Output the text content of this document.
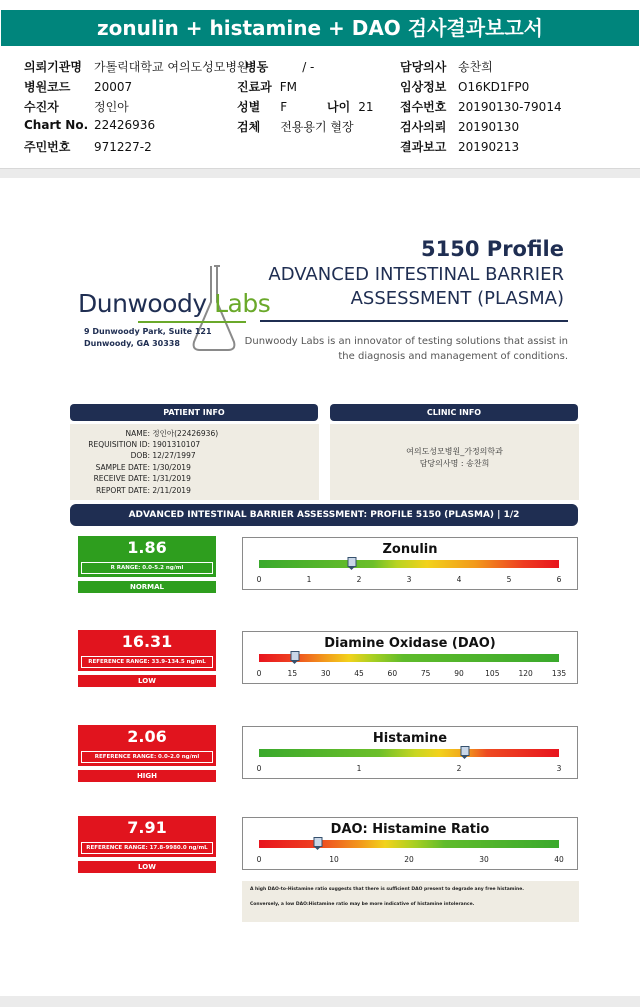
zonulin + histamine + DAO 검사결과보고서
의뢰기관명 가톨릭대학교 여의도성모병원
병원코드 20007
수진자	정인아
Chart No. 22426936
주민번호 971227-2
병동	/ -
진료과 FM
성별 F	나이 21
검체 전용용기 혈장
담당의사 송찬희
임상정보 O16KD1FP0
접수번호 20190130-79014
검사의뢰 20190130
결과보고 20190213
5150 Profile
ADVANCED INTESTINAL BARRIER
ASSESSMENT (PLASMA)
Dunwoody Labs is an innovator of testing solutions that assist in
the diagnosis and management of conditions.
Dunwoody Labs
9 Dunwoody Park, Suite 121
Dunwoody, GA 30338
PATIENT INFO	CLINIC INFO
NAME: 정인아(22426936)
REQUISITION ID: 1901310107
DOB: 12/27/1997
SAMPLE DATE: 1/30/2019
RECEIVE DATE: 1/31/2019
REPORT DATE: 2/11/2019
여의도성모병원_가정의학과
담당의사명 : 송찬희
ADVANCED INTESTINAL BARRIER ASSESSMENT: PROFILE 5150 (PLASMA) | 1/2
1.86
R RANGE: 0.0-5.2 ng/ml
NORMAL
Zonulin
0	1	2	3	4	5	6
16.31
REFERENCE RANGE: 33.9-134.5 ng/mL
LOW
Diamine Oxidase (DAO)
0	15	30	45	60	75	90	105	120	135
2.06
REFERENCE RANGE: 0.0-2.0 ng/ml
HIGH
Histamine
0	1	2	3
7.91
REFERENCE RANGE: 17.8-9980.0 ng/mL
LOW
DAO: Histamine Ratio
0	10	20	30	40
A high DAO-to-Histamine ratio suggests that there is sufficient DAO present to degrade any free histamine.
Conversely, a low DAO:Histamine ratio may be more indicative of histamine intolerance.
